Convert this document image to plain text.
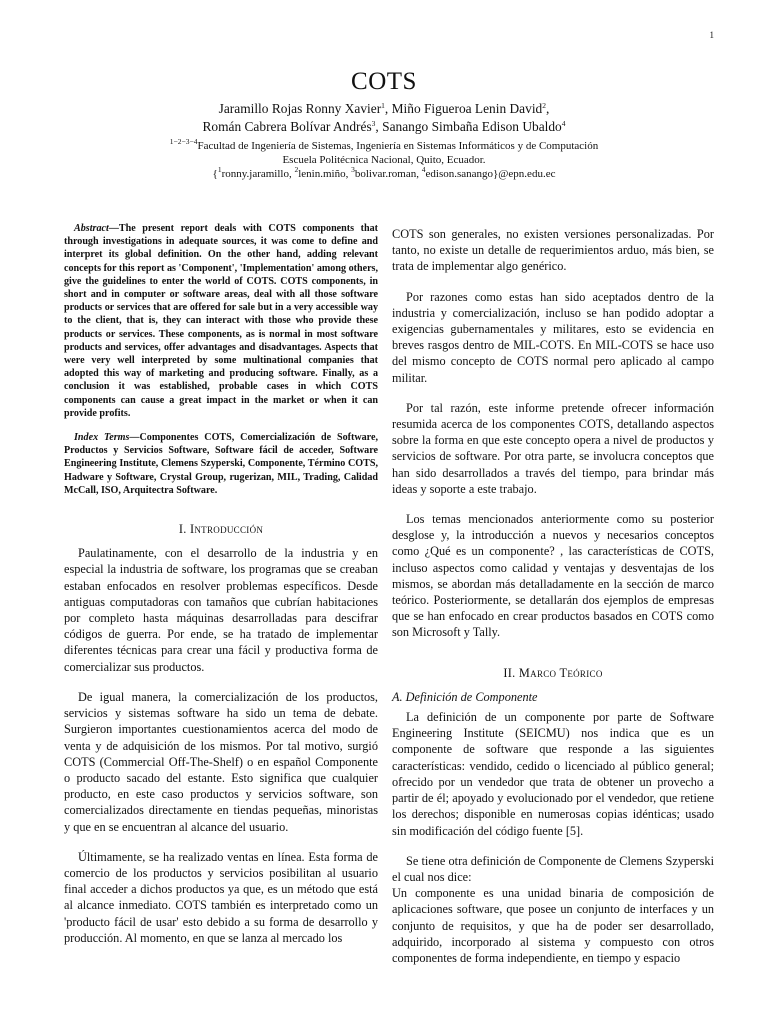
1
COTS
Jaramillo Rojas Ronny Xavier$^1$, Miño Figueroa Lenin David$^2$,
Román Cabrera Bolívar Andrés$^3$, Sanango Simbaña Edison Ubaldo$^4$
$^{1-2-3-4}$Facultad de Ingeniería de Sistemas, Ingeniería en Sistemas Informáticos y de Computación
Escuela Politécnica Nacional, Quito, Ecuador.
{$^1$ronny.jaramillo, $^2$lenin.miño, $^3$bolivar.roman, $^4$edison.sanango}@epn.edu.ec

Abstract—The present report deals with COTS components that through investigations in adequate sources, it was come to define and interpret its global definition. On the other hand, adding relevant concepts for this report as 'Component', 'Implementation' among others, give the guidelines to enter the world of COTS. COTS components, in short and in computer or software areas, deal with all those software products or services that are offered for sale but in a very accessible way to the client, that is, they can interact with those who provide these products or services. These components, as is normal in most software products and services, offer advantages and disadvantages. Aspects that were very well interpreted by some multinational companies that adopted this way of marketing and producing software. Finally, as a conclusion it was established, probable cases in which COTS components can cause a great impact in the market or when it can provide profits.

Index Terms—Componentes COTS, Comercialización de Software, Productos y Servicios Software, Software fácil de acceder, Software Engineering Institute, Clemens Szyperski, Componente, Término COTS, Hadware y Software, Crystal Group, rugerizan, MIL, Trading, Calidad McCall, ISO, Arquitectra Software.

I. Introducción

Paulatinamente, con el desarrollo de la industria y en especial la industria de software, los programas que se creaban estaban enfocados en resolver problemas específicos. Desde antiguas computadoras con tamaños que cubrían habitaciones por completo hasta máquinas desarrolladas para descifrar códigos de guerra. Por ende, se ha tratado de implementar diferentes técnicas para crear una fácil y productiva forma de comercializar sus productos.

De igual manera, la comercialización de los productos, servicios y sistemas software ha sido un tema de debate. Surgieron importantes cuestionamientos acerca del modo de venta y de adquisición de los mismos. Por tal motivo, surgió COTS (Commercial Off-The-Shelf) o en español Componente o producto sacado del estante. Esto significa que cualquier producto, en este caso productos y servicios software, son comercializados directamente en tiendas pequeñas, minoristas y que en se encuentran al alcance del usuario.

Últimamente, se ha realizado ventas en línea. Esta forma de comercio de los productos y servicios posibilitan al usuario final acceder a dichos productos ya que, es un método que está al alcance inmediato. COTS también es interpretado como un 'producto fácil de usar' esto debido a su forma de desarrollo y producción. Al momento, en que se lanza al mercado los

COTS son generales, no existen versiones personalizadas. Por tanto, no existe un detalle de requerimientos arduo, más bien, se trata de implementar algo genérico.

Por razones como estas han sido aceptados dentro de la industria y comercialización, incluso se han podido adoptar a exigencias gubernamentales y militares, esto se evidencia en breves rasgos dentro de MIL-COTS. En MIL-COTS se hace uso del mismo concepto de COTS normal pero aplicado al campo militar.

Por tal razón, este informe pretende ofrecer información resumida acerca de los componentes COTS, detallando aspectos sobre la forma en que este concepto opera a nivel de productos y servicios de software. Por otra parte, se involucra conceptos que han sido desarrollados a través del tiempo, para brindar más ideas y soporte a este trabajo.

Los temas mencionados anteriormente como su posterior desglose y, la introducción a nuevos y necesarios conceptos como ¿Qué es un componente? , las características de COTS, incluso aspectos como calidad y ventajas y desventajas de los mismos, se abordan más detalladamente en la sección de marco teórico. Posteriormente, se detallarán dos ejemplos de empresas que se han enfocado en crear productos basados en COTS como son Microsoft y Tally.

II. Marco Teórico
A. Definición de Componente

La definición de un componente por parte de Software Engineering Institute (SEICMU) nos indica que es un componente de software que responde a las siguientes características: vendido, cedido o licenciado al público general; ofrecido por un vendedor que trata de obtener un provecho a partir de él; apoyado y evolucionado por el vendedor, que retiene los derechos; disponible en numerosas copias idénticas; usado sin modificación del código fuente [5].

Se tiene otra definición de Componente de Clemens Szyperski el cual nos dice:

Un componente es una unidad binaria de composición de aplicaciones software, que posee un conjunto de interfaces y un conjunto de requisitos, y que ha de poder ser desarrollado, adquirido, incorporado al sistema y compuesto con otros componentes de forma independiente, en tiempo y espacio
